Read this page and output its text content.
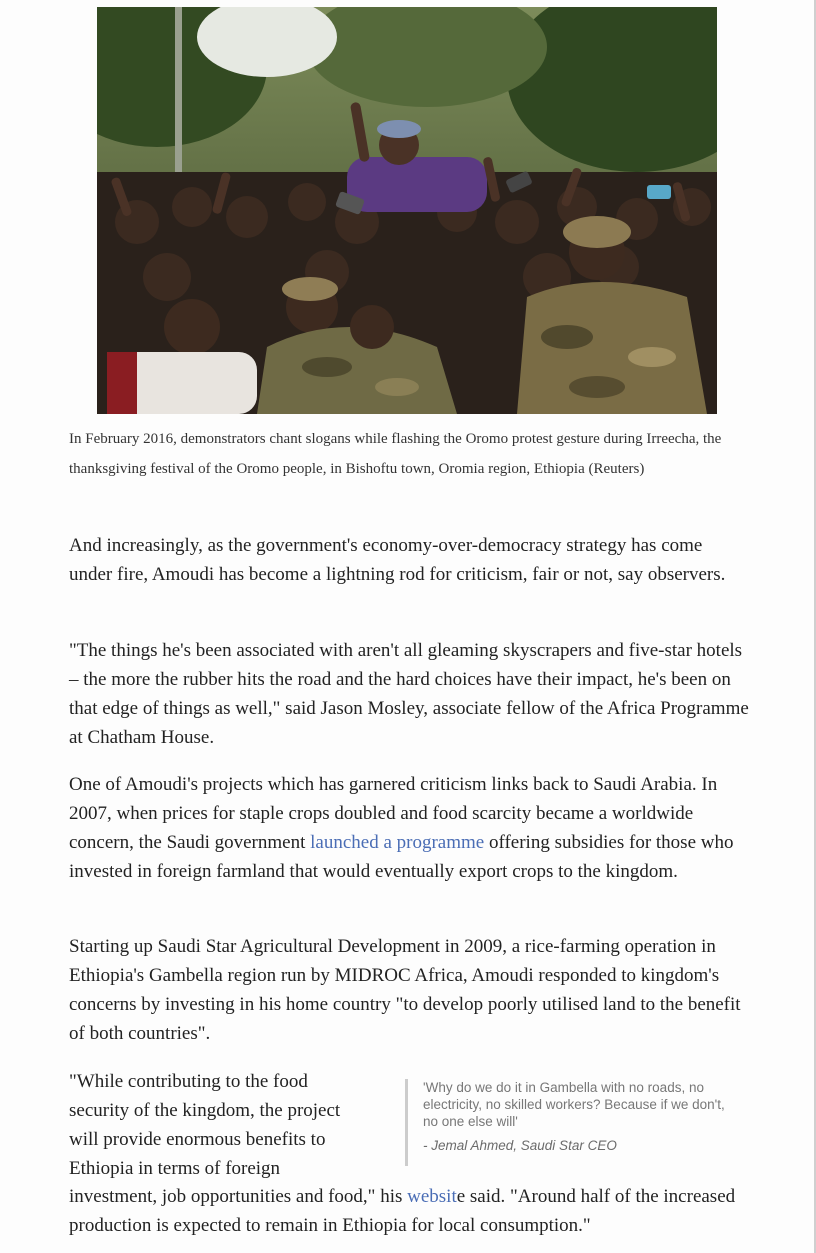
In February 2016, demonstrators chant slogans while flashing the Oromo protest gesture during Irreecha, the thanksgiving festival of the Oromo people, in Bishoftu town, Oromia region, Ethiopia (Reuters)

And increasingly, as the government's economy-over-democracy strategy has come under fire, Amoudi has become a lightning rod for criticism, fair or not, say observers.

"The things he's been associated with aren't all gleaming skyscrapers and five-star hotels – the more the rubber hits the road and the hard choices have their impact, he's been on that edge of things as well," said Jason Mosley, associate fellow of the Africa Programme at Chatham House.

One of Amoudi's projects which has garnered criticism links back to Saudi Arabia. In 2007, when prices for staple crops doubled and food scarcity became a worldwide concern, the Saudi government launched a programme offering subsidies for those who invested in foreign farmland that would eventually export crops to the kingdom.

Starting up Saudi Star Agricultural Development in 2009, a rice-farming operation in Ethiopia's Gambella region run by MIDROC Africa, Amoudi responded to kingdom's concerns by investing in his home country "to develop poorly utilised land to the benefit of both countries".

"While contributing to the food security of the kingdom, the project will provide enormous benefits to Ethiopia in terms of foreign

'Why do we do it in Gambella with no roads, no electricity, no skilled workers? Because if we don't, no one else will'
- Jemal Ahmed, Saudi Star CEO

investment, job opportunities and food," his website said. "Around half of the increased production is expected to remain in Ethiopia for local consumption."
